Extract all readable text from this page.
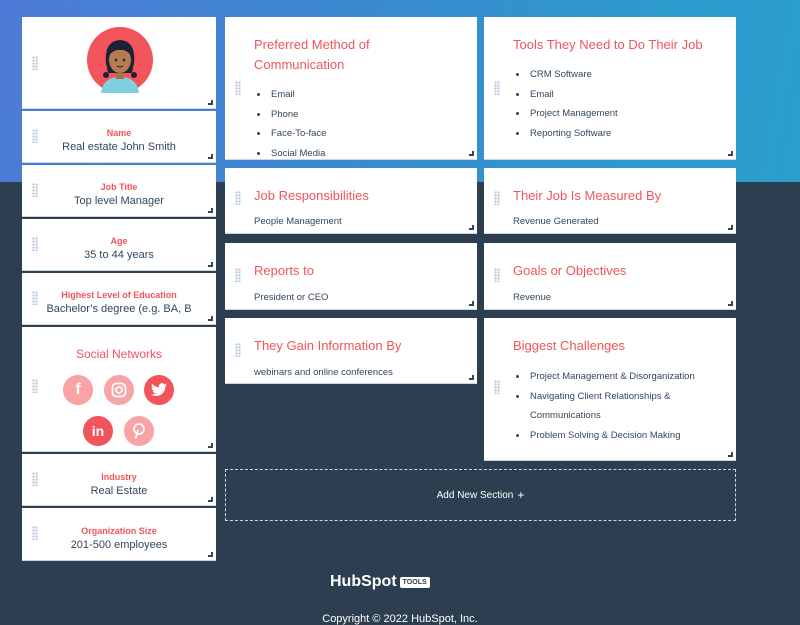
Name
Real estate John Smith
Job Title
Top level Manager
Age
35 to 44 years
Highest Level of Education
Bachelor’s degree (e.g. BA, B
Social Networks
f
in
Industry
Real Estate
Organization Size
201-500 employees
Preferred Method of Communication
• Email
• Phone
• Face-To-face
• Social Media
Job Responsibilities
People Management
Reports to
President or CEO
They Gain Information By
webinars and online conferences
Tools They Need to Do Their Job
• CRM Software
• Email
• Project Management
• Reporting Software
Their Job Is Measured By
Revenue Generated
Goals or Objectives
Revenue
Biggest Challenges
• Project Management & Disorganization
• Navigating Client Relationships & Communications
• Problem Solving & Decision Making
Add New Section +
HubSpot TOOLS
Copyright © 2022 HubSpot, Inc.
